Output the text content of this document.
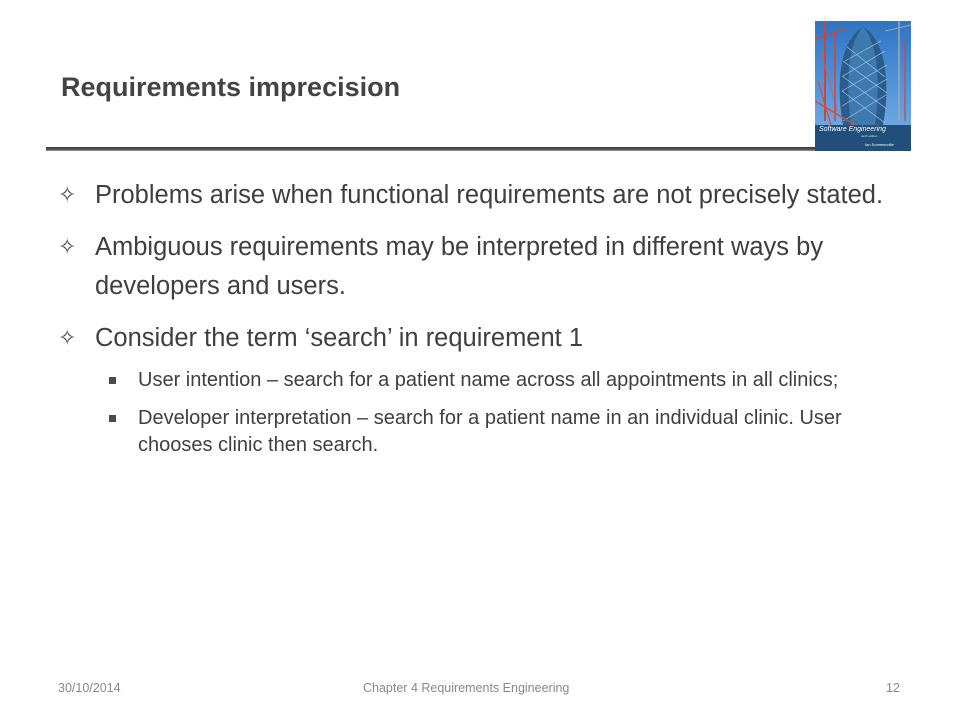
Requirements imprecision
Software Engineering
tenth edition
Ian Sommerville
✧ Problems arise when functional requirements are not precisely stated.
✧ Ambiguous requirements may be interpreted in different ways by developers and users.
✧ Consider the term ‘search’ in requirement 1
User intention – search for a patient name across all appointments in all clinics;
Developer interpretation – search for a patient name in an individual clinic. User chooses clinic then search.
30/10/2014	Chapter 4 Requirements Engineering	12
